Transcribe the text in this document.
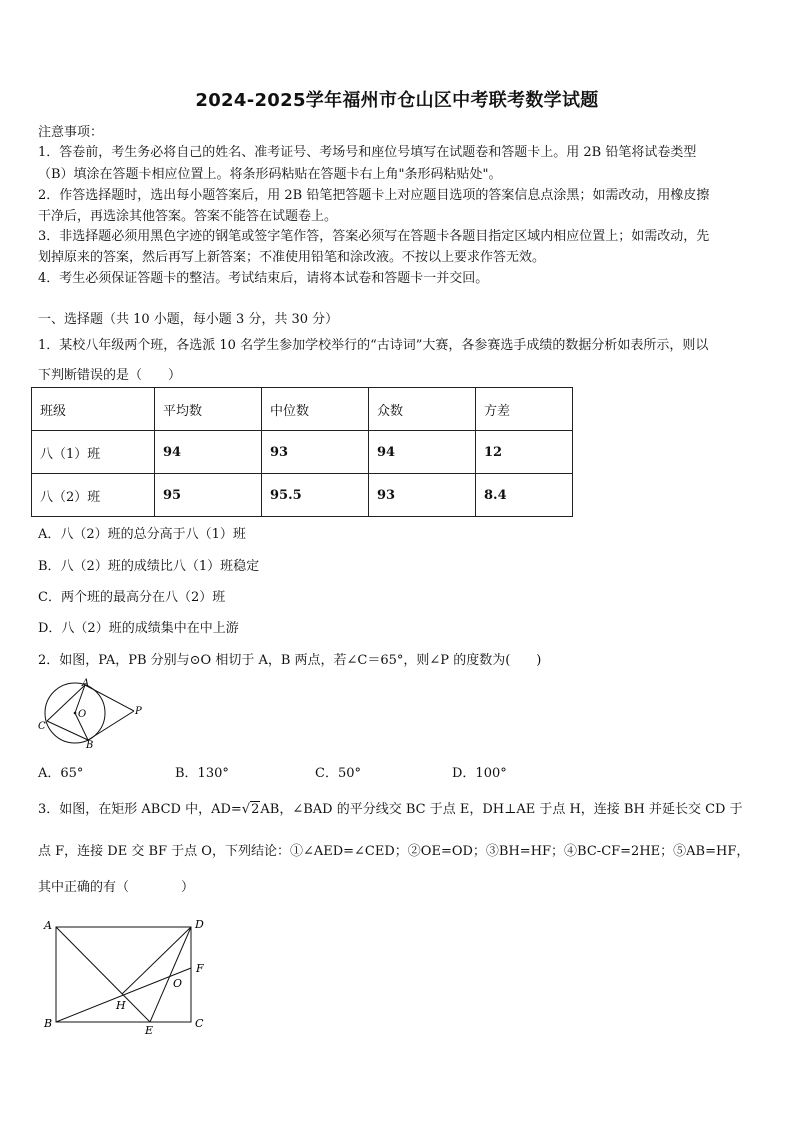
2024-2025学年福州市仓山区中考联考数学试题
注意事项：
1．答卷前，考生务必将自己的姓名、准考证号、考场号和座位号填写在试题卷和答题卡上。用 2B 铅笔将试卷类型
（B）填涂在答题卡相应位置上。将条形码粘贴在答题卡右上角"条形码粘贴处"。
2．作答选择题时，选出每小题答案后，用 2B 铅笔把答题卡上对应题目选项的答案信息点涂黑；如需改动，用橡皮擦
干净后，再选涂其他答案。答案不能答在试题卷上。
3．非选择题必须用黑色字迹的钢笔或签字笔作答，答案必须写在答题卡各题目指定区域内相应位置上；如需改动，先
划掉原来的答案，然后再写上新答案；不准使用铅笔和涂改液。不按以上要求作答无效。
4．考生必须保证答题卡的整洁。考试结束后，请将本试卷和答题卡一并交回。
一、选择题（共 10 小题，每小题 3 分，共 30 分）
1．某校八年级两个班，各选派 10 名学生参加学校举行的“古诗词”大赛，各参赛选手成绩的数据分析如表所示，则以
下判断错误的是（　　）
班级	平均数	中位数	众数	方差
八（1）班	94	93	94	12
八（2）班	95	95.5	93	8.4
A．八（2）班的总分高于八（1）班
B．八（2）班的成绩比八（1）班稳定
C．两个班的最高分在八（2）班
D．八（2）班的成绩集中在中上游
2．如图，PA，PB 分别与⊙O 相切于 A，B 两点，若∠C＝65°，则∠P 的度数为(　　)
A
O	P
C
B
A．65°	B．130°	C．50°	D．100°
3．如图，在矩形 ABCD 中，AD=√2AB，∠BAD 的平分线交 BC 于点 E，DH⊥AE 于点 H，连接 BH 并延长交 CD 于
点 F，连接 DE 交 BF 于点 O，下列结论：①∠AED=∠CED；②OE=OD；③BH=HF；④BC-CF=2HE；⑤AB=HF，
其中正确的有（　　　　）
A	D
F
O
H
B
E
C
